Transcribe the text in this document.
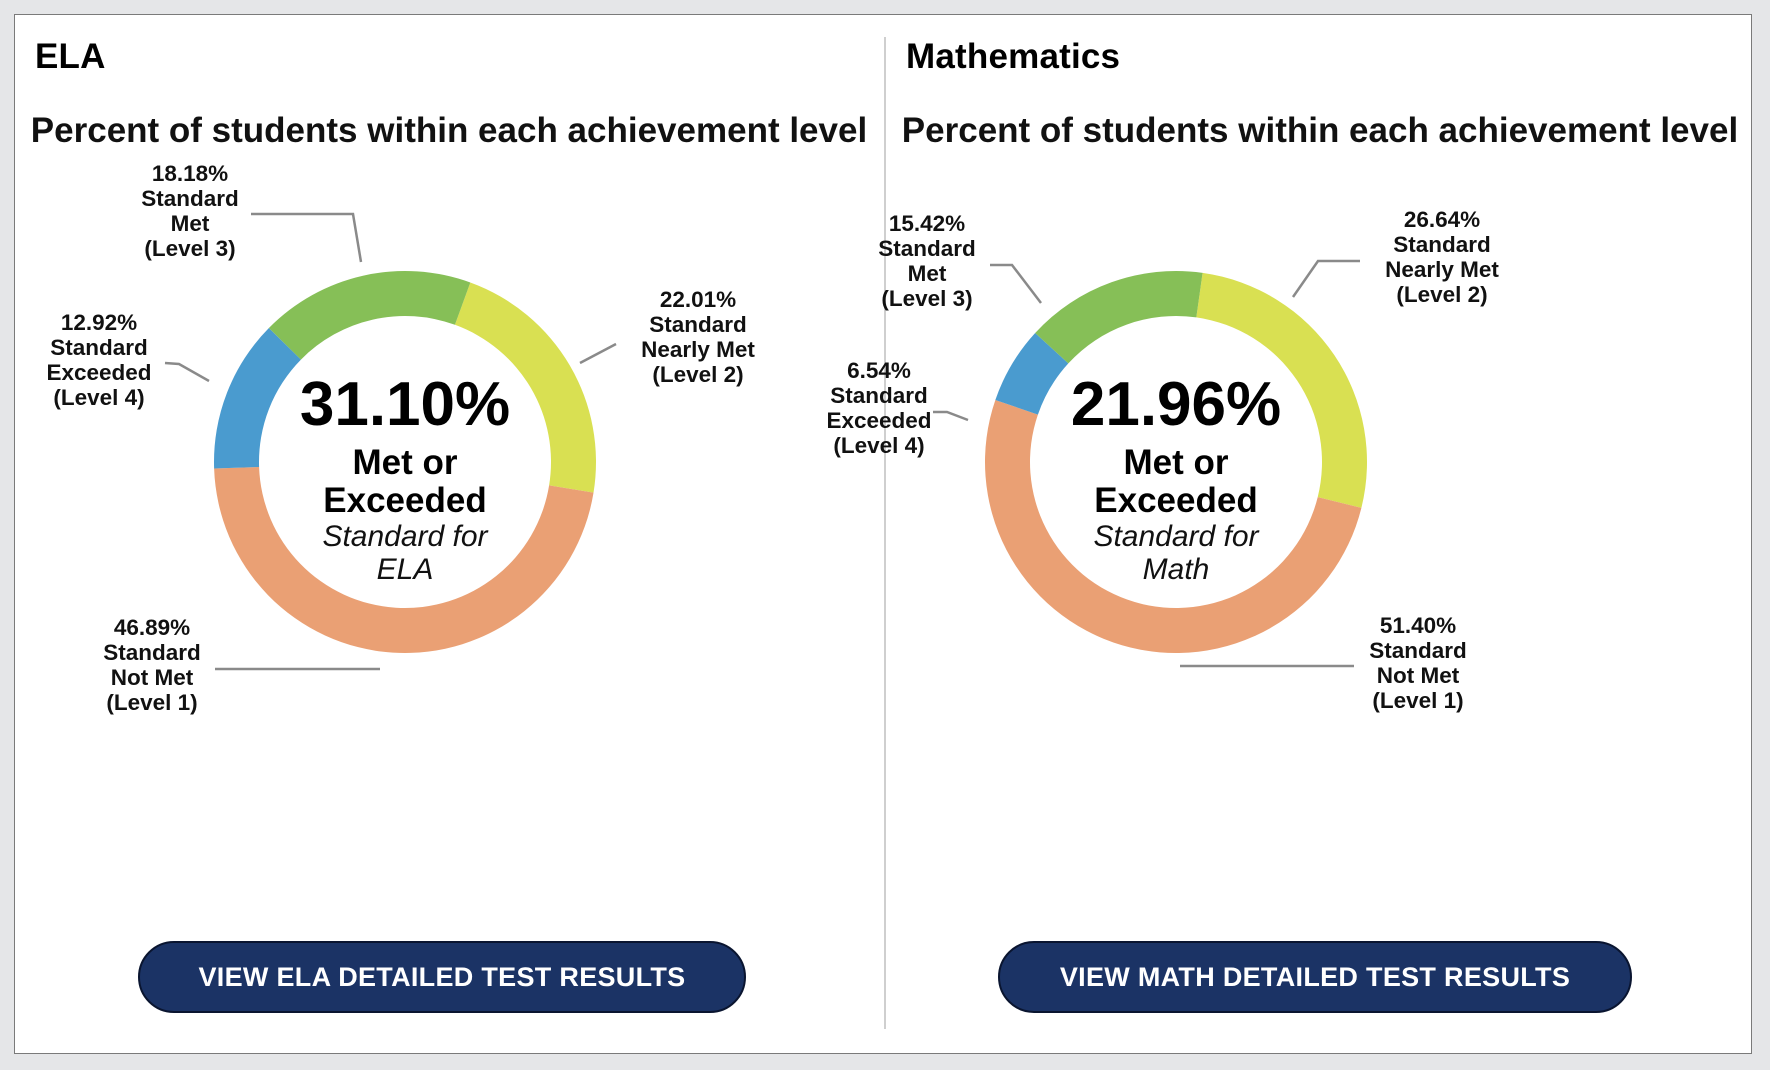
ELA
Percent of students within each achievement level
22.01% Standard Nearly Met (Level 2)
46.89% Standard Not Met (Level 1)
12.92% Standard Exceeded (Level 4)
18.18% Standard Met (Level 3)
31.10%
Met or
Exceeded
Standard for
ELA
VIEW ELA DETAILED TEST RESULTS
Mathematics
Percent of students within each achievement level
26.64% Standard Nearly Met (Level 2)
51.40% Standard Not Met (Level 1)
6.54% Standard Exceeded (Level 4)
15.42% Standard Met (Level 3)
21.96%
Met or
Exceeded
Standard for
Math
VIEW MATH DETAILED TEST RESULTS
